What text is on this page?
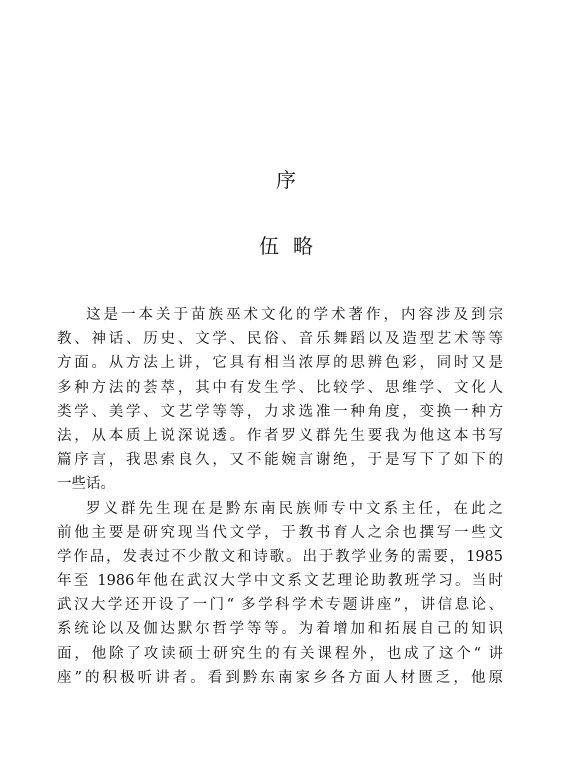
序
伍略
这是一本关于苗族巫术文化的学术著作，内容涉及到宗
教、神话、历史、文学、民俗、音乐舞蹈以及造型艺术等等
方面。从方法上讲，它具有相当浓厚的思辨色彩，同时又是
多种方法的荟萃，其中有发生学、比较学、思维学、文化人
类学、美学、文艺学等等，力求选准一种角度，变换一种方
法，从本质上说深说透。作者罗义群先生要我为他这本书写
篇序言，我思索良久，又不能婉言谢绝，于是写下了如下的
一些话。
罗义群先生现在是黔东南民族师专中文系主任，在此之
前他主要是研究现当代文学，于教书育人之余也撰写一些文
学作品，发表过不少散文和诗歌。出于教学业务的需要，1985
年至 1986年他在武汉大学中文系文艺理论助教班学习。当时
武汉大学还开设了一门“ 多学科学术专题讲座”，讲信息论、
系统论以及伽达默尔哲学等等。为着增加和拓展自己的知识
面，他除了攻读硕士研究生的有关课程外，也成了这个“ 讲
座”的积极听讲者。看到黔东南家乡各方面人材匮乏，他原
